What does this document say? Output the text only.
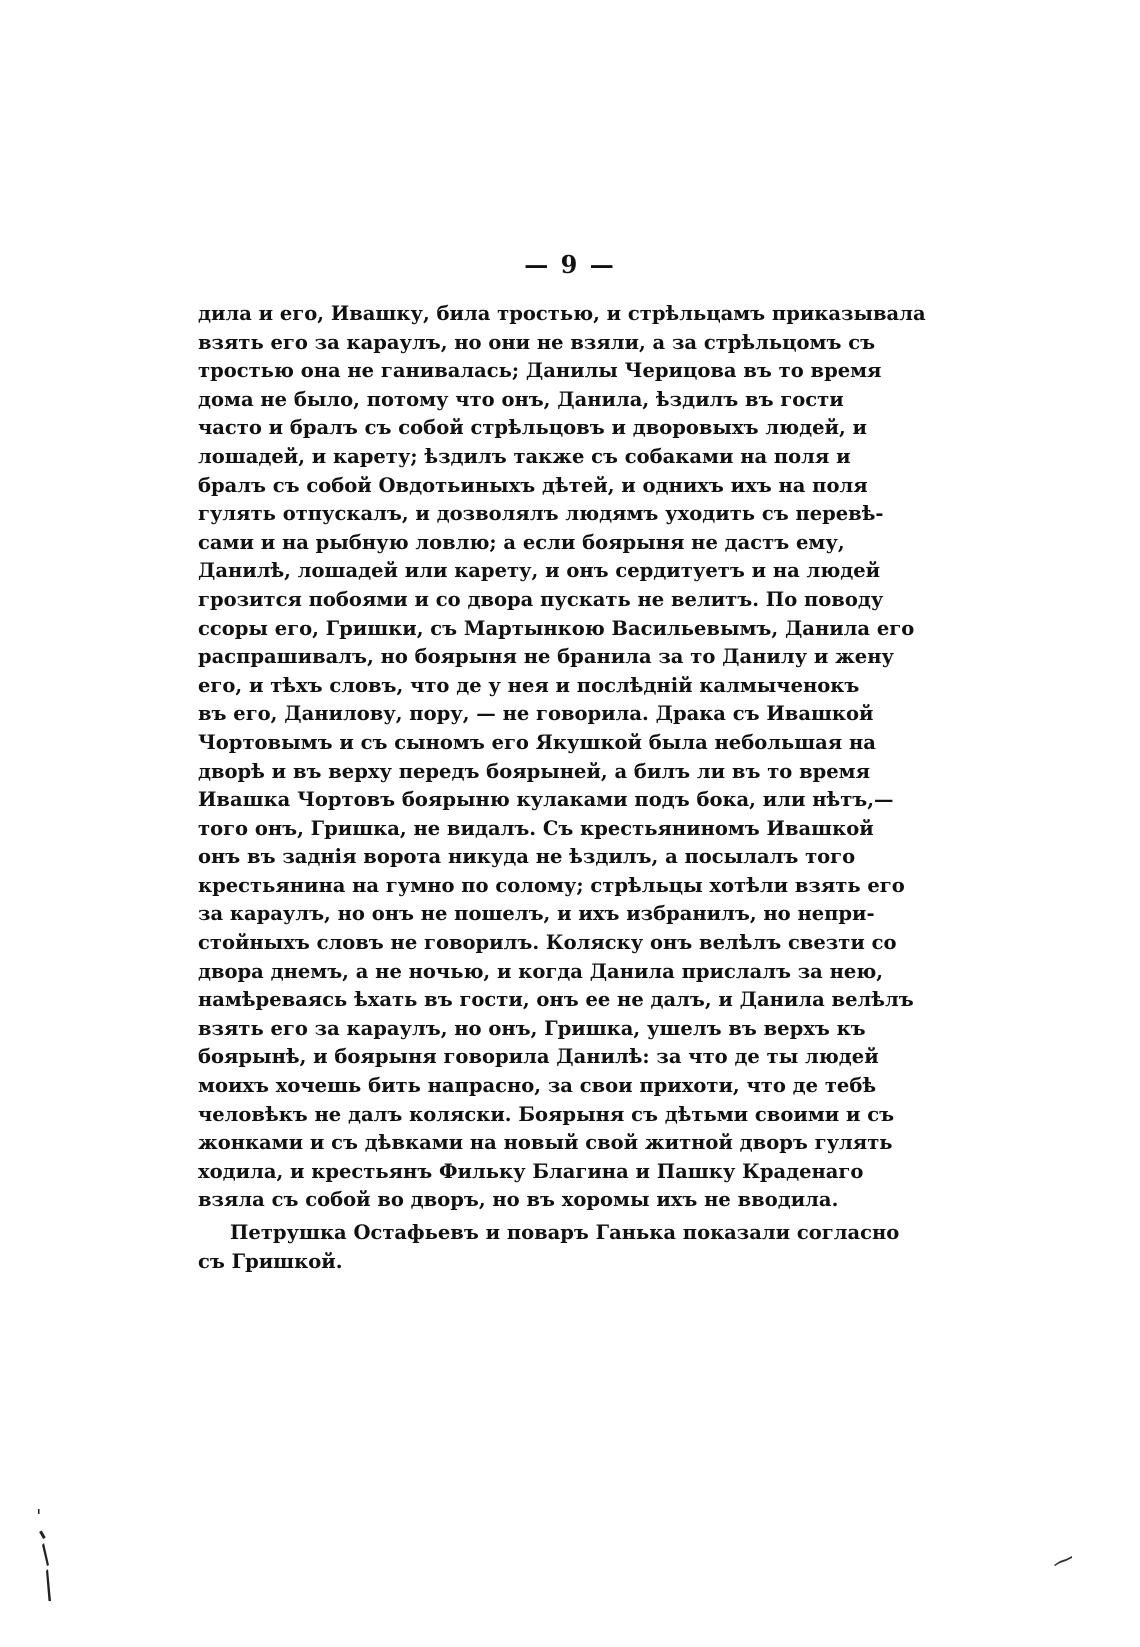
— 9 —
дила и его, Ивашку, била тростью, и стрѣльцамъ приказывала
взять его за караулъ, но они не взяли, а за стрѣльцомъ съ
тростью она не ганивалась; Данилы Черицова въ то время
дома не было, потому что онъ, Данила, ѣздилъ въ гости
часто и бралъ съ собой стрѣльцовъ и дворовыхъ людей, и
лошадей, и карету; ѣздилъ также съ собаками на поля и
бралъ съ собой Овдотьиныхъ дѣтей, и однихъ ихъ на поля
гулять отпускалъ, и дозволялъ людямъ уходить съ перевѣ-
сами и на рыбную ловлю; а если боярыня не дастъ ему,
Данилѣ, лошадей или карету, и онъ сердитуетъ и на людей
грозится побоями и со двора пускать не велитъ. По поводу
ссоры его, Гришки, съ Мартынкою Васильевымъ, Данила его
распрашивалъ, но боярыня не бранила за то Данилу и жену
его, и тѣхъ словъ, что де у нея и послѣдній калмыченокъ
въ его, Данилову, пору, — не говорила. Драка съ Ивашкой
Чортовымъ и съ сыномъ его Якушкой была небольшая на
дворѣ и въ верху передъ боярыней, а билъ ли въ то время
Ивашка Чортовъ боярыню кулаками подъ бока, или нѣтъ,—
того онъ, Гришка, не видалъ. Съ крестьяниномъ Ивашкой
онъ въ заднія ворота никуда не ѣздилъ, а посылалъ того
крестьянина на гумно по солому; стрѣльцы хотѣли взять его
за караулъ, но онъ не пошелъ, и ихъ избранилъ, но непри-
стойныхъ словъ не говорилъ. Коляску онъ велѣлъ свезти со
двора днемъ, а не ночью, и когда Данила прислалъ за нею,
намѣреваясь ѣхать въ гости, онъ ее не далъ, и Данила велѣлъ
взять его за караулъ, но онъ, Гришка, ушелъ въ верхъ къ
боярынѣ, и боярыня говорила Данилѣ: за что де ты людей
моихъ хочешь бить напрасно, за свои прихоти, что де тебѣ
человѣкъ не далъ коляски. Боярыня съ дѣтьми своими и съ
жонками и съ дѣвками на новый свой житной дворъ гулять
ходила, и крестьянъ Фильку Благина и Пашку Краденаго
взяла съ собой во дворъ, но въ хоромы ихъ не вводила.
Петрушка Остафьевъ и поваръ Ганька показали согласно
съ Гришкой.
